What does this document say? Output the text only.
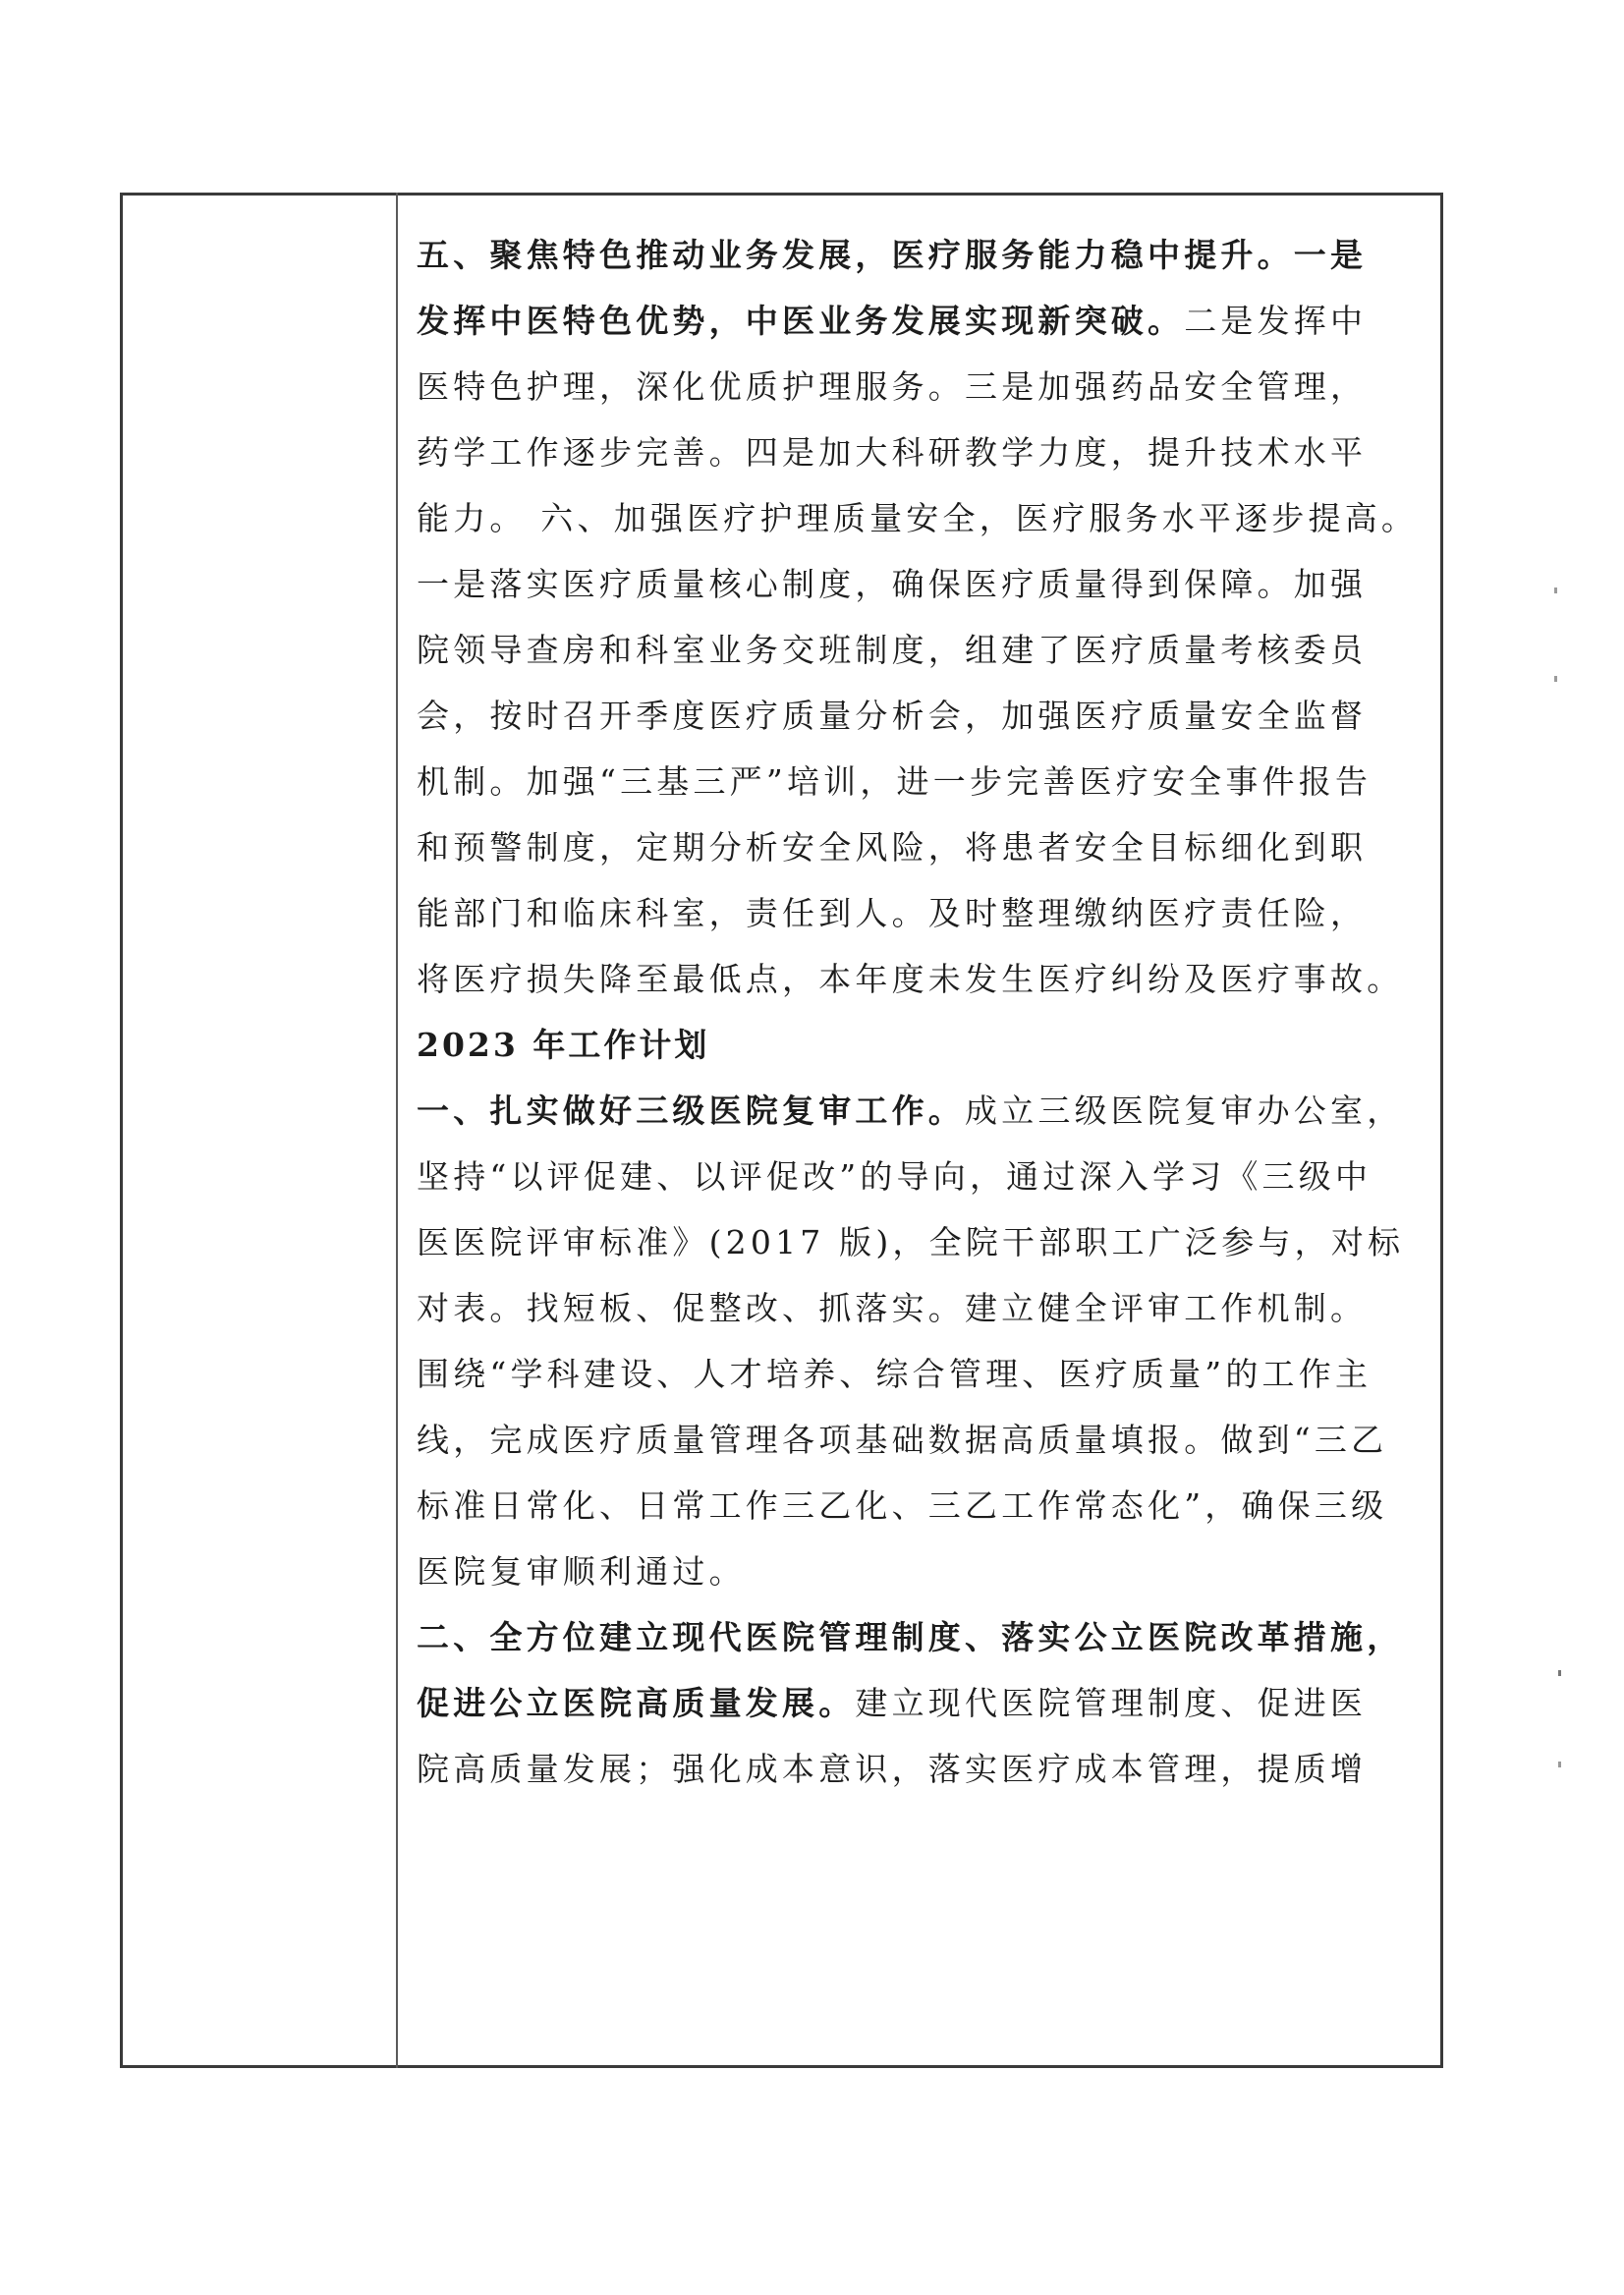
五、聚焦特色推动业务发展，医疗服务能力稳中提升。一是
发挥中医特色优势，中医业务发展实现新突破。二是发挥中
医特色护理，深化优质护理服务。三是加强药品安全管理，
药学工作逐步完善。四是加大科研教学力度，提升技术水平
能力。 六、加强医疗护理质量安全，医疗服务水平逐步提高。
一是落实医疗质量核心制度，确保医疗质量得到保障。加强
院领导查房和科室业务交班制度，组建了医疗质量考核委员
会，按时召开季度医疗质量分析会，加强医疗质量安全监督
机制。加强“三基三严”培训，进一步完善医疗安全事件报告
和预警制度，定期分析安全风险，将患者安全目标细化到职
能部门和临床科室，责任到人。及时整理缴纳医疗责任险，
将医疗损失降至最低点，本年度未发生医疗纠纷及医疗事故。
2023 年工作计划
一、扎实做好三级医院复审工作。成立三级医院复审办公室，
坚持“以评促建、以评促改”的导向，通过深入学习《三级中
医医院评审标准》(2017 版)，全院干部职工广泛参与，对标
对表。找短板、促整改、抓落实。建立健全评审工作机制。
围绕“学科建设、人才培养、综合管理、医疗质量”的工作主
线，完成医疗质量管理各项基础数据高质量填报。做到“三乙
标准日常化、日常工作三乙化、三乙工作常态化”，确保三级
医院复审顺利通过。
二、全方位建立现代医院管理制度、落实公立医院改革措施，
促进公立医院高质量发展。建立现代医院管理制度、促进医
院高质量发展；强化成本意识，落实医疗成本管理，提质增
